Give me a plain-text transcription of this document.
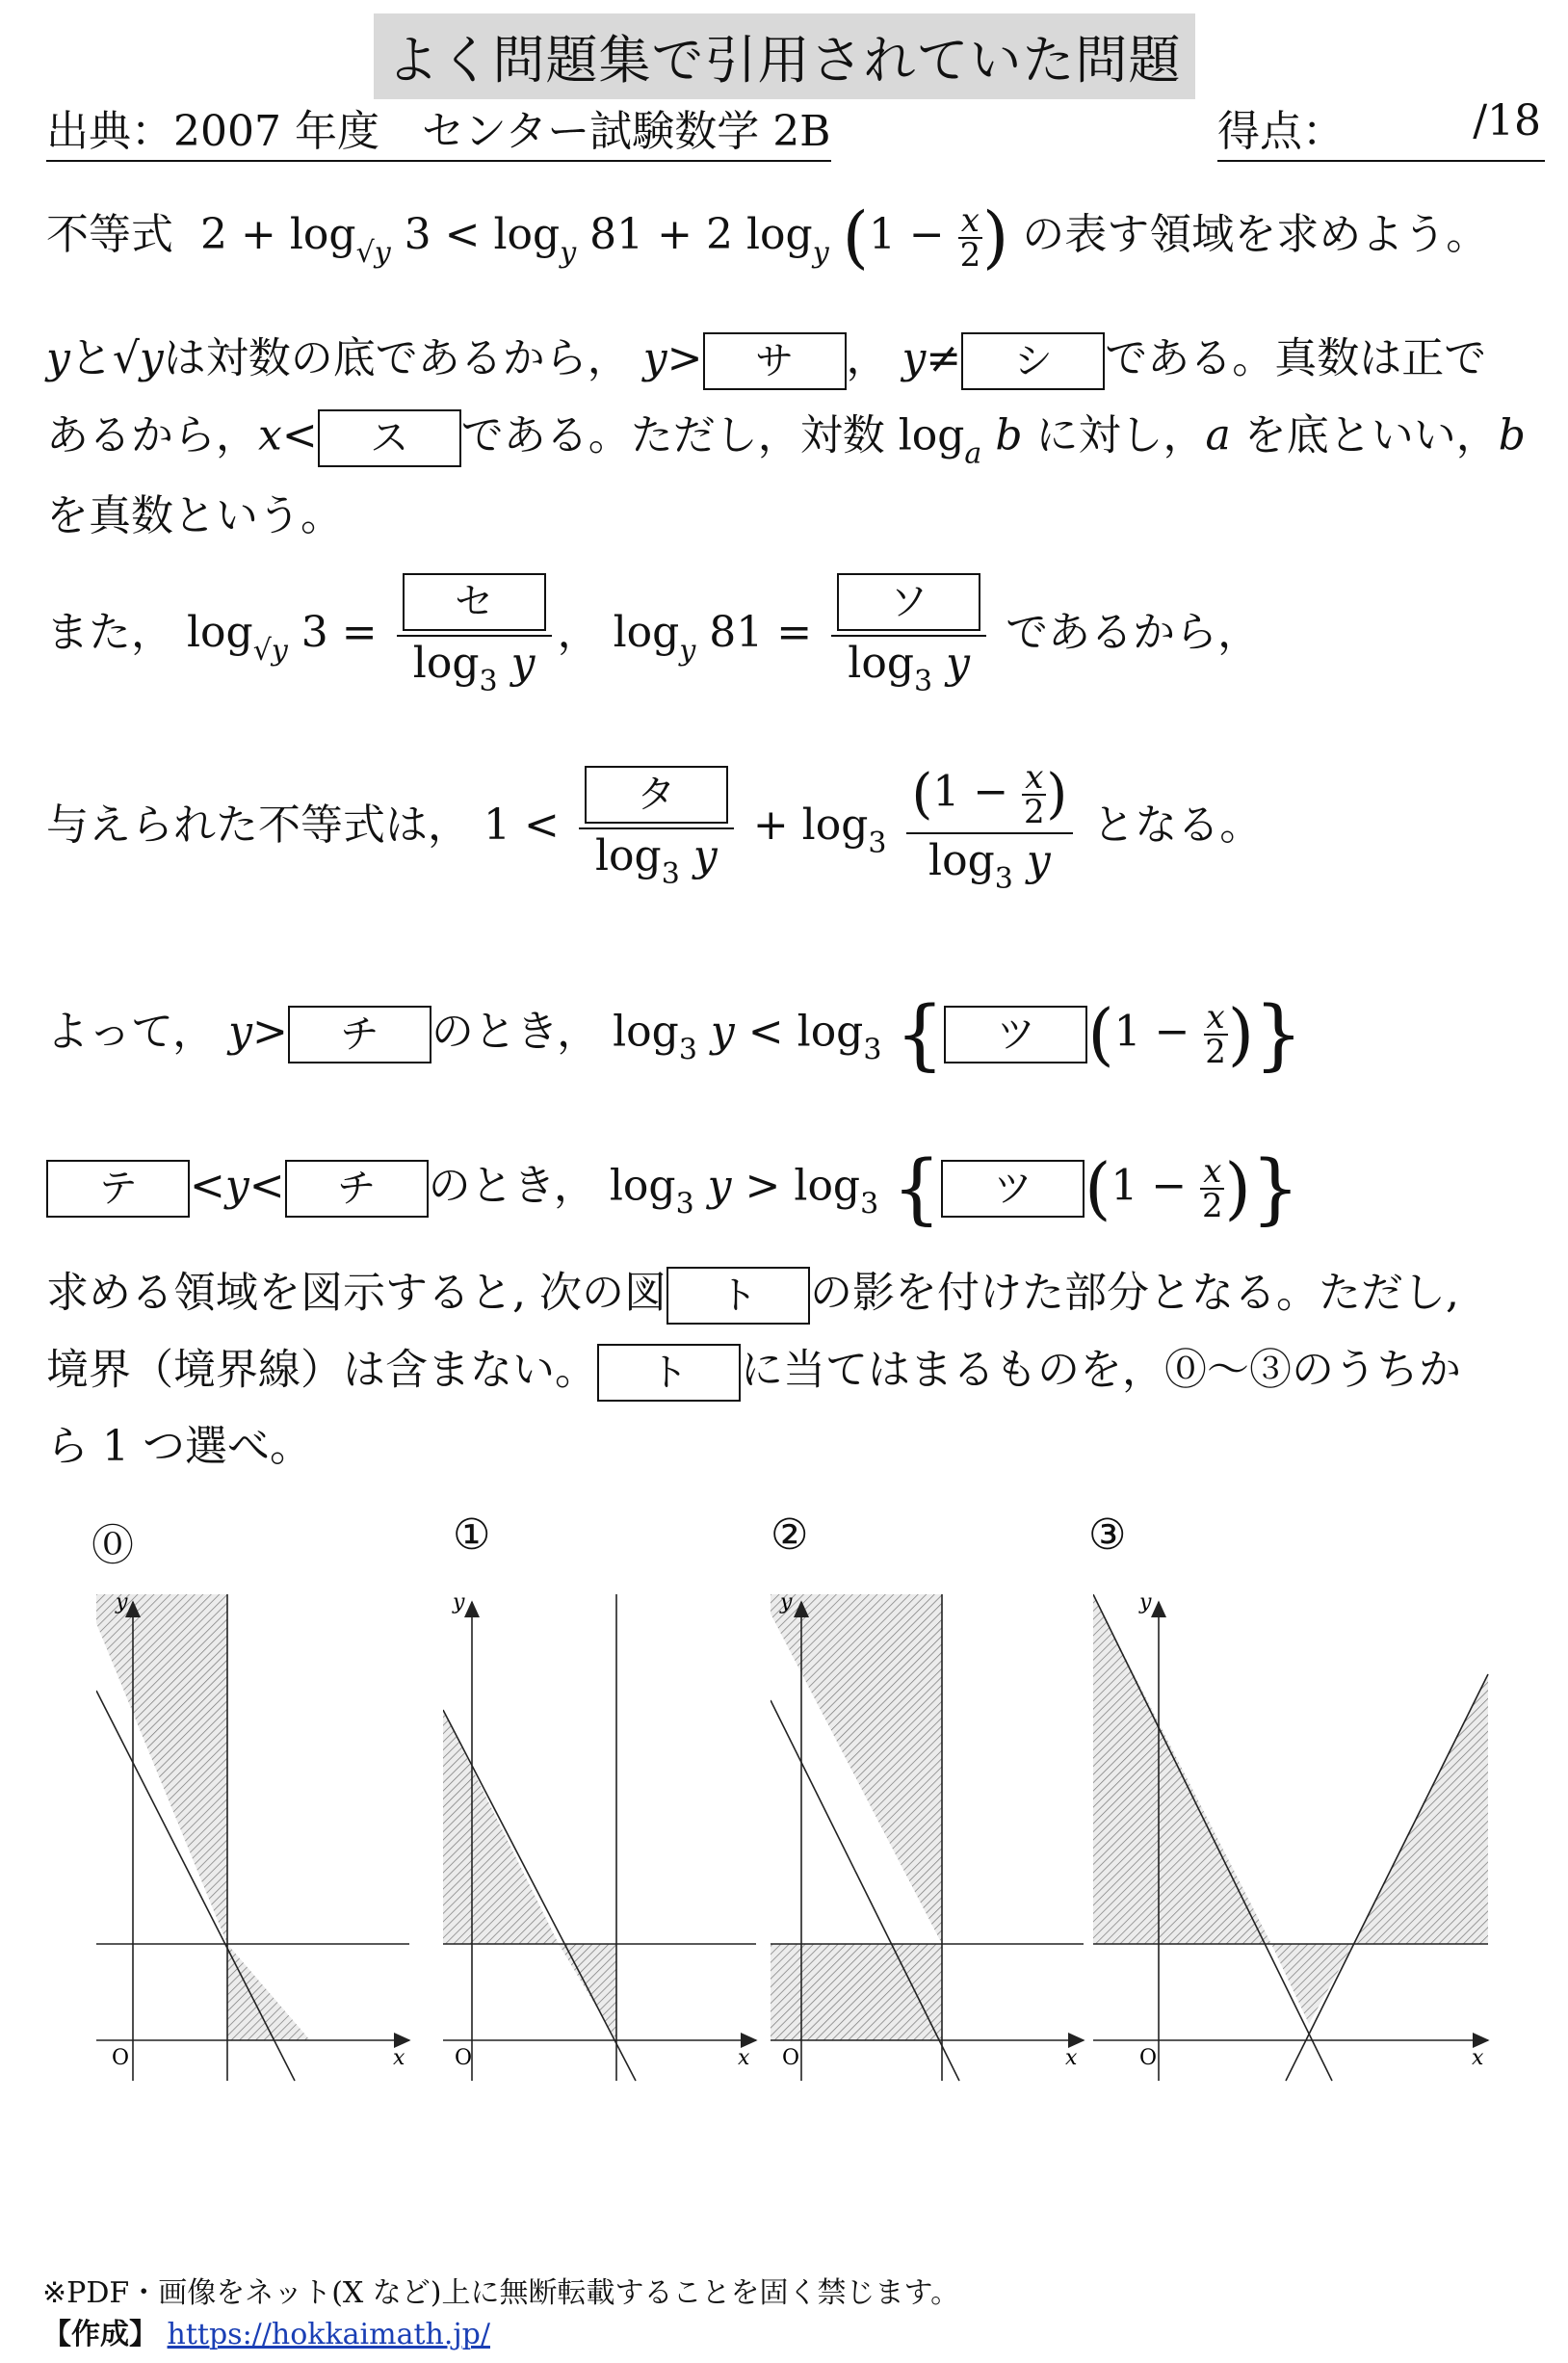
よく問題集で引用されていた問題
出典：2007 年度　センター試験数学 2B	得点：	/18
不等式  $2 + \log_{√y} 3 < \log_y 81 + 2$ $\log_y (1 - \frac{x}{2}$ ) の表す領域を求めよう。
yと√yは対数の底であるから， y> サ ， y≠ シ である。真数は正で
あるから，x< ス である。ただし，対数 $\log_a b$ に対し，a を底といい，b
を真数という。
また， $\log_{√y} 3 = \frac{\text{セ}}{\log_3 y}$ ， $\log_y 81 = \frac{\text{ソ}}{\log_3 y}$ であるから，
与えられた不等式は， $1 < \frac{\text{タ}}{\log_3 y} + \log_3 \frac{(1 - \frac{x}{2} )}{\log_3 y}$ となる。
よって， y> チ のとき， $\log_3 y < \log_3$ { ツ ($1 - \frac{x}{2}$ )}
テ <y< チ のとき， $\log_3 y > \log_3$ { ツ ($1 - \frac{x}{2}$ )}
求める領域を図示すると, 次の図 ト の影を付けた部分となる。ただし,
境界（境界線）は含まない。 ト に当てはまるものを，⓪～③のうちか
ら 1 つ選べ。
⓪	①	②	③
y
x
O
y
x
O
y
x
O
y
x
O
※PDF・画像をネット(X など)上に無断転載することを固く禁じます。
【作成】 https://hokkaimath.jp/
